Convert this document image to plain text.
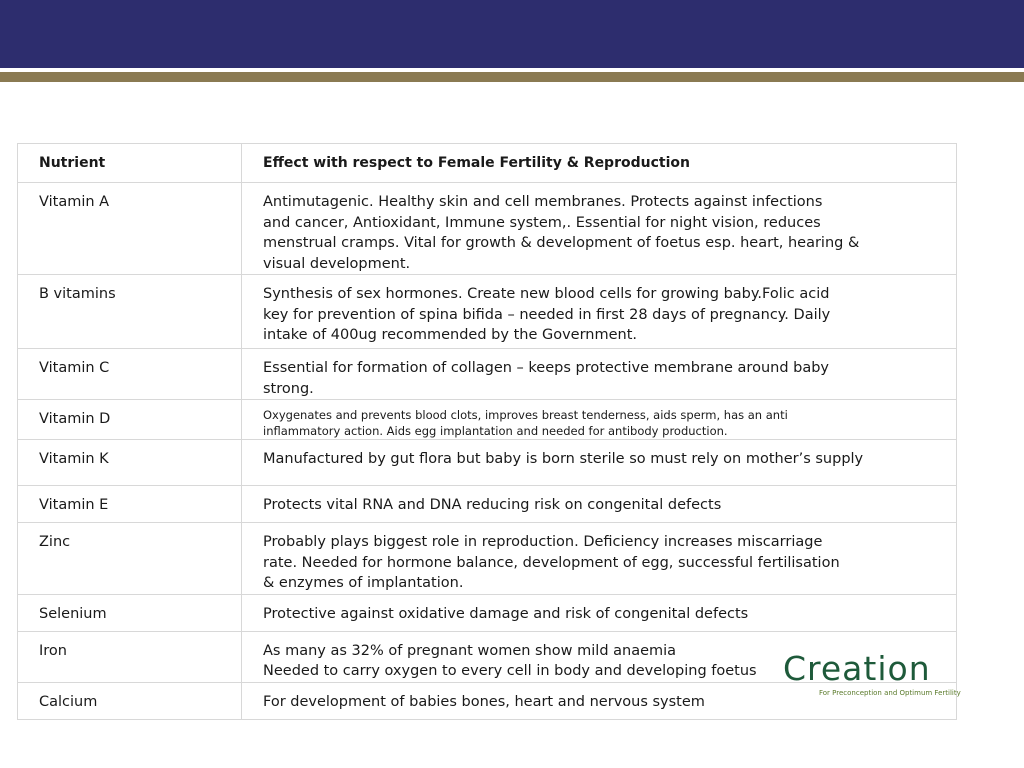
Nutrient	Effect with respect to Female Fertility & Reproduction
Vitamin A	Antimutagenic. Healthy skin and cell membranes. Protects against infections
and cancer, Antioxidant, Immune system,. Essential for night vision, reduces
menstrual cramps. Vital for growth & development of foetus esp. heart, hearing &
visual development.

B vitamins	Synthesis of sex hormones. Create new blood cells for growing baby.Folic acid
key for prevention of spina bifida – needed in first 28 days of pregnancy. Daily
intake of 400ug recommended by the Government.

Vitamin C	Essential for formation of collagen – keeps protective membrane around baby
strong.

Vitamin D	Oxygenates and prevents blood clots, improves breast tenderness, aids sperm, has an anti
inflammatory action. Aids egg implantation and needed for antibody production.

Vitamin K	Manufactured by gut flora but baby is born sterile so must rely on mother’s supply

Vitamin E	Protects vital RNA and DNA reducing risk on congenital defects

Zinc	Probably plays biggest role in reproduction. Deficiency increases miscarriage
rate. Needed for hormone balance, development of egg, successful fertilisation
& enzymes of implantation.

Selenium	Protective against oxidative damage and risk of congenital defects

Iron	As many as 32% of pregnant women show mild anaemia
Needed to carry oxygen to every cell in body and developing foetus

Calcium	For development of babies bones, heart and nervous system
Creation
For Preconception and Optimum Fertility
